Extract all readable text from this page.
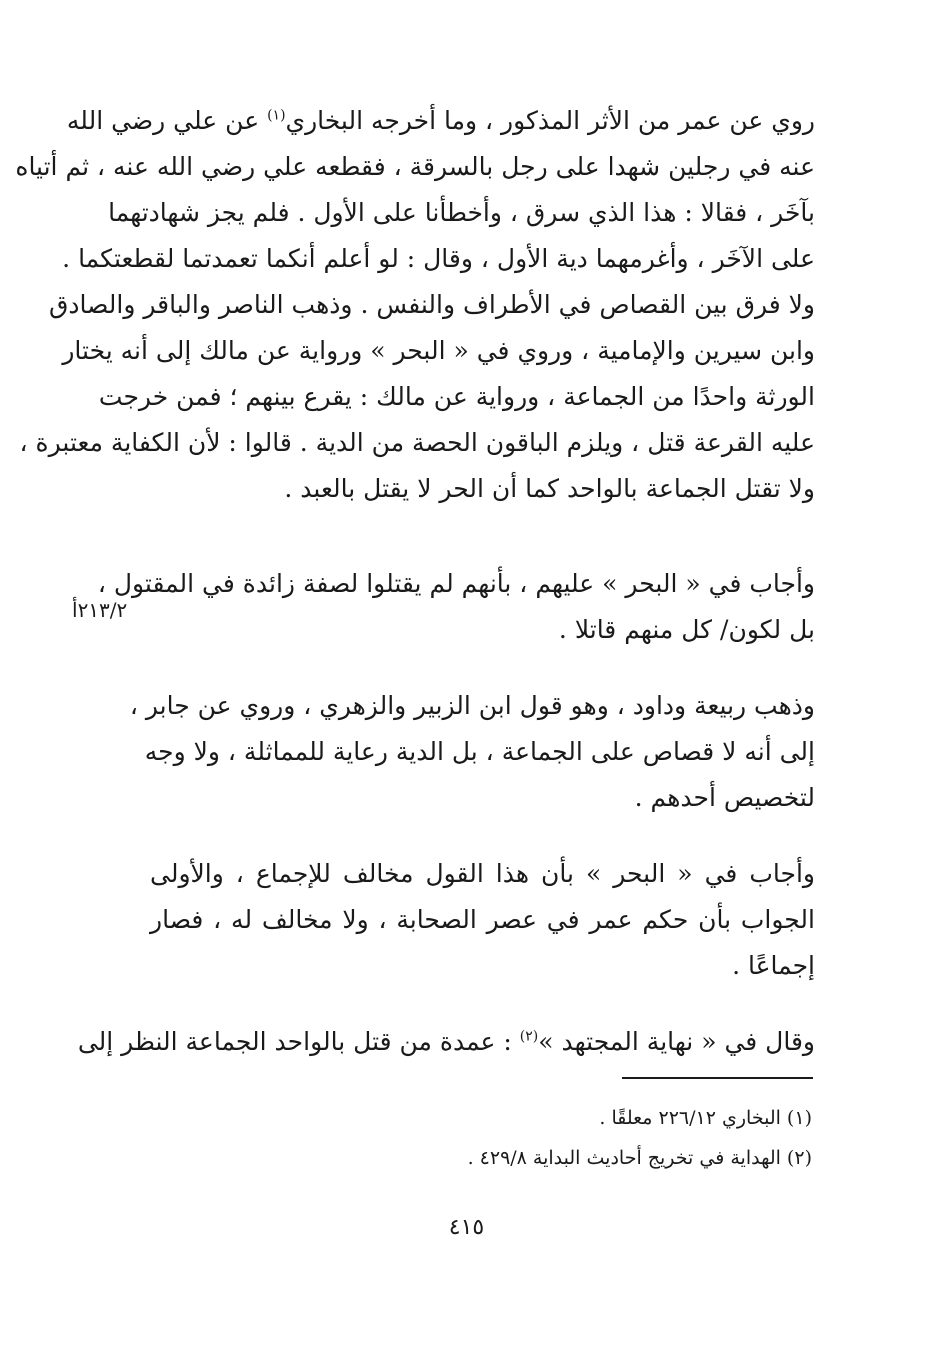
روي عن عمر من الأثر المذكور ، وما أخرجه البخاري$^{(١)}$ عن علي رضي الله
عنه في رجلين شهدا على رجل بالسرقة ، فقطعه علي رضي الله عنه ، ثم أتياه
بآخَر ، فقالا : هذا الذي سرق ، وأخطأنا على الأول . فلم يجز شهادتهما
على الآخَر ، وأغرمهما دية الأول ، وقال : لو أعلم أنكما تعمدتما لقطعتكما .
ولا فرق بين القصاص في الأطراف والنفس . وذهب الناصر والباقر والصادق
وابن سيرين والإمامية ، وروي في « البحر » ورواية عن مالك إلى أنه يختار
الورثة واحدًا من الجماعة ، ورواية عن مالك : يقرع بينهم ؛ فمن خرجت
عليه القرعة قتل ، ويلزم الباقون الحصة من الدية . قالوا : لأن الكفاية معتبرة ،
ولا تقتل الجماعة بالواحد كما أن الحر لا يقتل بالعبد .
وأجاب في « البحر » عليهم ، بأنهم لم يقتلوا لصفة زائدة في المقتول ،
بل لكون/ كل منهم قاتلا .
٢١٣/٢أ
وذهب ربيعة وداود ، وهو قول ابن الزبير والزهري ، وروي عن جابر ،
إلى أنه لا قصاص على الجماعة ، بل الدية رعاية للمماثلة ، ولا وجه
لتخصيص أحدهم .
وأجاب في « البحر » بأن هذا القول مخالف للإجماع ، والأولى
الجواب بأن حكم عمر في عصر الصحابة ، ولا مخالف له ، فصار
إجماعًا .
وقال في « نهاية المجتهد »$^{(٢)}$ : عمدة من قتل بالواحد الجماعة النظر إلى
(١) البخاري ٢٢٦/١٢ معلقًا .
(٢) الهداية في تخريج أحاديث البداية ٤٢٩/٨ .
٤١٥
